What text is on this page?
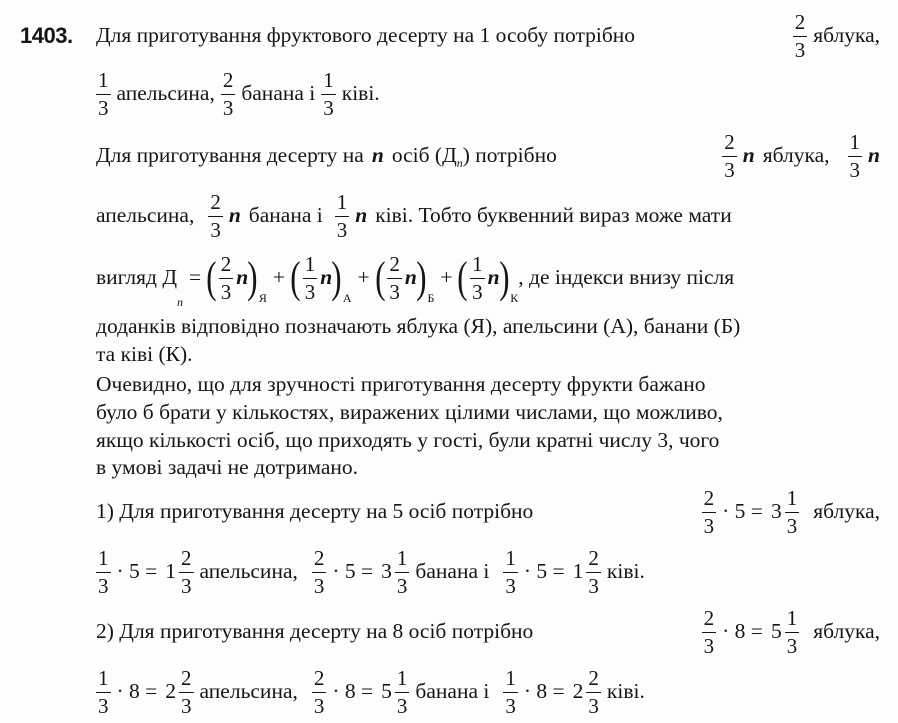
1403.	Для приготування фруктового десерту на 1 особу потрібно	$\frac{2}{3}$ яблука,
$\frac{1}{3}$ апельсина, $\frac{2}{3}$ банана і $\frac{1}{3}$ ківі.
Для приготування десерту на n осіб (Д n ) потрібно	$\frac{2}{3}$ n яблука, $\frac{1}{3}$ n
апельсина, $\frac{2}{3}$ n банана і $\frac{1}{3}$ n ківі. Тобто буквенний вираз може мати
вигляд Д
n
= ( $\frac{2}{3}$ n ) Я
+ ( $\frac{1}{3}$ n ) А
+ ( $\frac{2}{3}$ n ) Б
+ ( $\frac{1}{3}$ n ) К
, де індекси внизу після
доданків відповідно позначають яблука (Я), апельсини (А), банани (Б)
та ківі (К).
Очевидно, що для зручності приготування десерту фрукти бажано
було б брати у кількостях, виражених цілими числами, що можливо,
якщо кількості осіб, що приходять у гості, були кратні числу 3, чого
в умові задачі не дотримано.
1) Для приготування десерту на 5 осіб потрібно	$\frac{2}{3} \cdot 5 = 3 \frac{1}{3}$ яблука,
$\frac{1}{3} \cdot 5 = 1 \frac{2}{3}$ апельсина, $\frac{2}{3} \cdot 5 = 3 \frac{1}{3}$ банана і $\frac{1}{3} \cdot 5 = 1 \frac{2}{3}$ ківі.
2) Для приготування десерту на 8 осіб потрібно	$\frac{2}{3} \cdot 8 = 5 \frac{1}{3}$ яблука,
$\frac{1}{3} \cdot 8 = 2 \frac{2}{3}$ апельсина, $\frac{2}{3} \cdot 8 = 5 \frac{1}{3}$ банана і $\frac{1}{3} \cdot 8 = 2 \frac{2}{3}$ ківі.
